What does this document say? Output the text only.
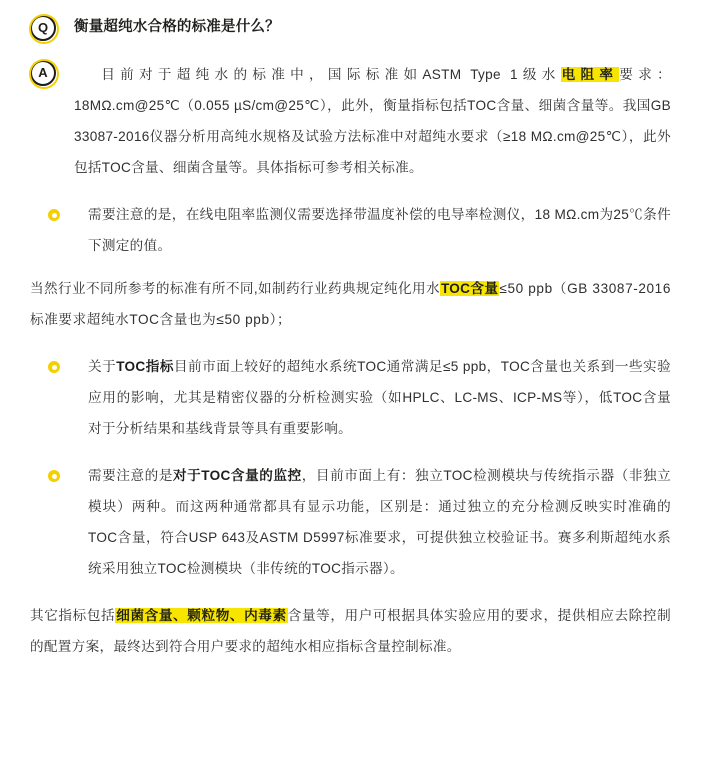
Q	衡量超纯水合格的标准是什么？
A	目前对于超纯水的标准中，国际标准如ASTM Type 1级水电阻率要求：18MΩ.cm@25℃（0.055 µS/cm@25℃），此外，衡量指标包括TOC含量、细菌含量等。我国GB 33087-2016仪器分析用高纯水规格及试验方法标准中对超纯水要求（≥18 MΩ.cm@25℃），此外包括TOC含量、细菌含量等。具体指标可参考相关标准。
需要注意的是，在线电阻率监测仪需要选择带温度补偿的电导率检测仪，18 MΩ.cm为25℃条件下测定的值。
当然行业不同所参考的标准有所不同,如制药行业药典规定纯化用水TOC含量≤50 ppb（GB 33087-2016标准要求超纯水TOC含量也为≤50 ppb）；
关于TOC指标目前市面上较好的超纯水系统TOC通常满足≤5 ppb，TOC含量也关系到一些实验应用的影响，尤其是精密仪器的分析检测实验（如HPLC、LC-MS、ICP-MS等），低TOC含量对于分析结果和基线背景等具有重要影响。
需要注意的是对于TOC含量的监控，目前市面上有：独立TOC检测模块与传统指示器（非独立模块）两种。而这两种通常都具有显示功能，区别是：通过独立的充分检测反映实时准确的TOC含量，符合USP 643及ASTM D5997标准要求，可提供独立校验证书。赛多利斯超纯水系统采用独立TOC检测模块（非传统的TOC指示器）。
其它指标包括细菌含量、颗粒物、内毒素含量等，用户可根据具体实验应用的要求，提供相应去除控制的配置方案，最终达到符合用户要求的超纯水相应指标含量控制标准。
